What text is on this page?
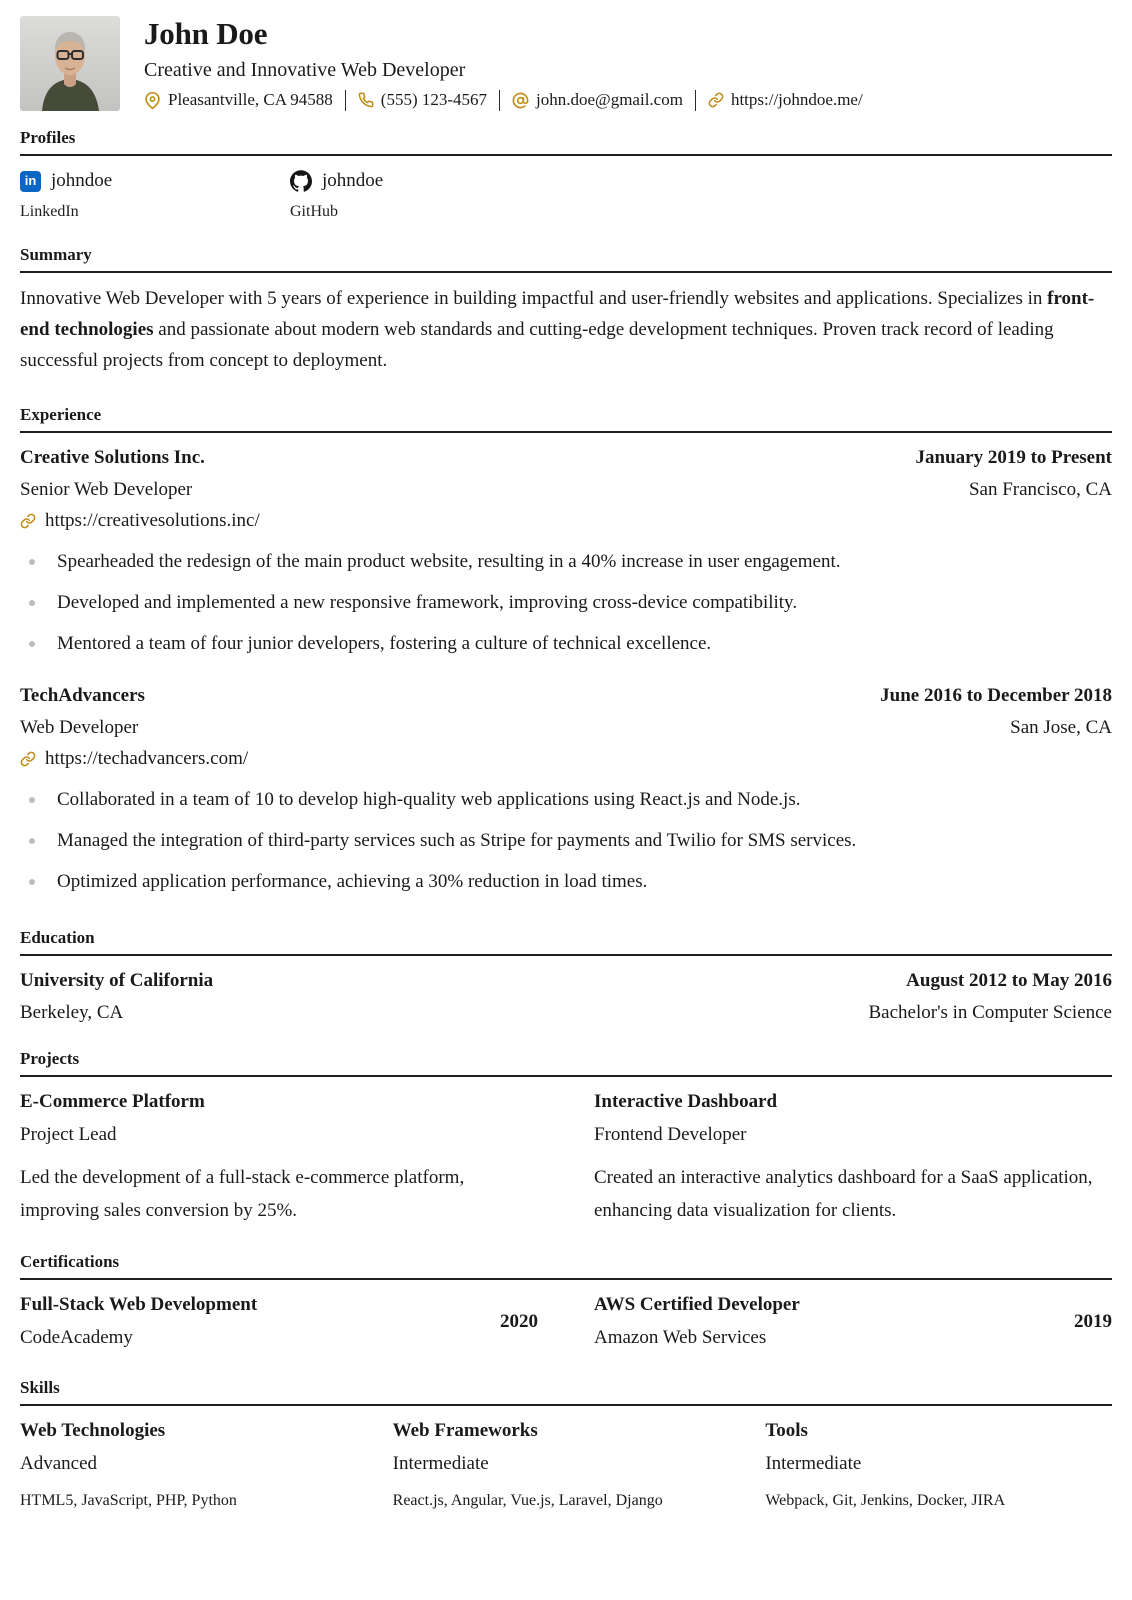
John Doe
Creative and Innovative Web Developer
Pleasantville, CA 94588	(555) 123-4567	john.doe@gmail.com	https://johndoe.me/
Profiles
in johndoe
LinkedIn
johndoe
GitHub
Summary
Innovative Web Developer with 5 years of experience in building impactful and user-friendly websites and applications. Specializes in front-end technologies and passionate about modern web standards and cutting-edge development techniques. Proven track record of leading successful projects from concept to deployment.
Experience
Creative Solutions Inc.	January 2019 to Present
Senior Web Developer	San Francisco, CA
https://creativesolutions.inc/
Spearheaded the redesign of the main product website, resulting in a 40% increase in user engagement.
Developed and implemented a new responsive framework, improving cross-device compatibility.
Mentored a team of four junior developers, fostering a culture of technical excellence.
TechAdvancers	June 2016 to December 2018
Web Developer	San Jose, CA
https://techadvancers.com/
Collaborated in a team of 10 to develop high-quality web applications using React.js and Node.js.
Managed the integration of third-party services such as Stripe for payments and Twilio for SMS services.
Optimized application performance, achieving a 30% reduction in load times.
Education
University of California	August 2012 to May 2016
Berkeley, CA	Bachelor's in Computer Science
Projects
E-Commerce Platform
Project Lead
Led the development of a full-stack e-commerce platform, improving sales conversion by 25%.
Interactive Dashboard
Frontend Developer
Created an interactive analytics dashboard for a SaaS application, enhancing data visualization for clients.
Certifications
Full-Stack Web Development
CodeAcademy
2020
AWS Certified Developer
Amazon Web Services
2019
Skills
Web Technologies
Advanced
HTML5, JavaScript, PHP, Python
Web Frameworks
Intermediate
React.js, Angular, Vue.js, Laravel, Django
Tools
Intermediate
Webpack, Git, Jenkins, Docker, JIRA
